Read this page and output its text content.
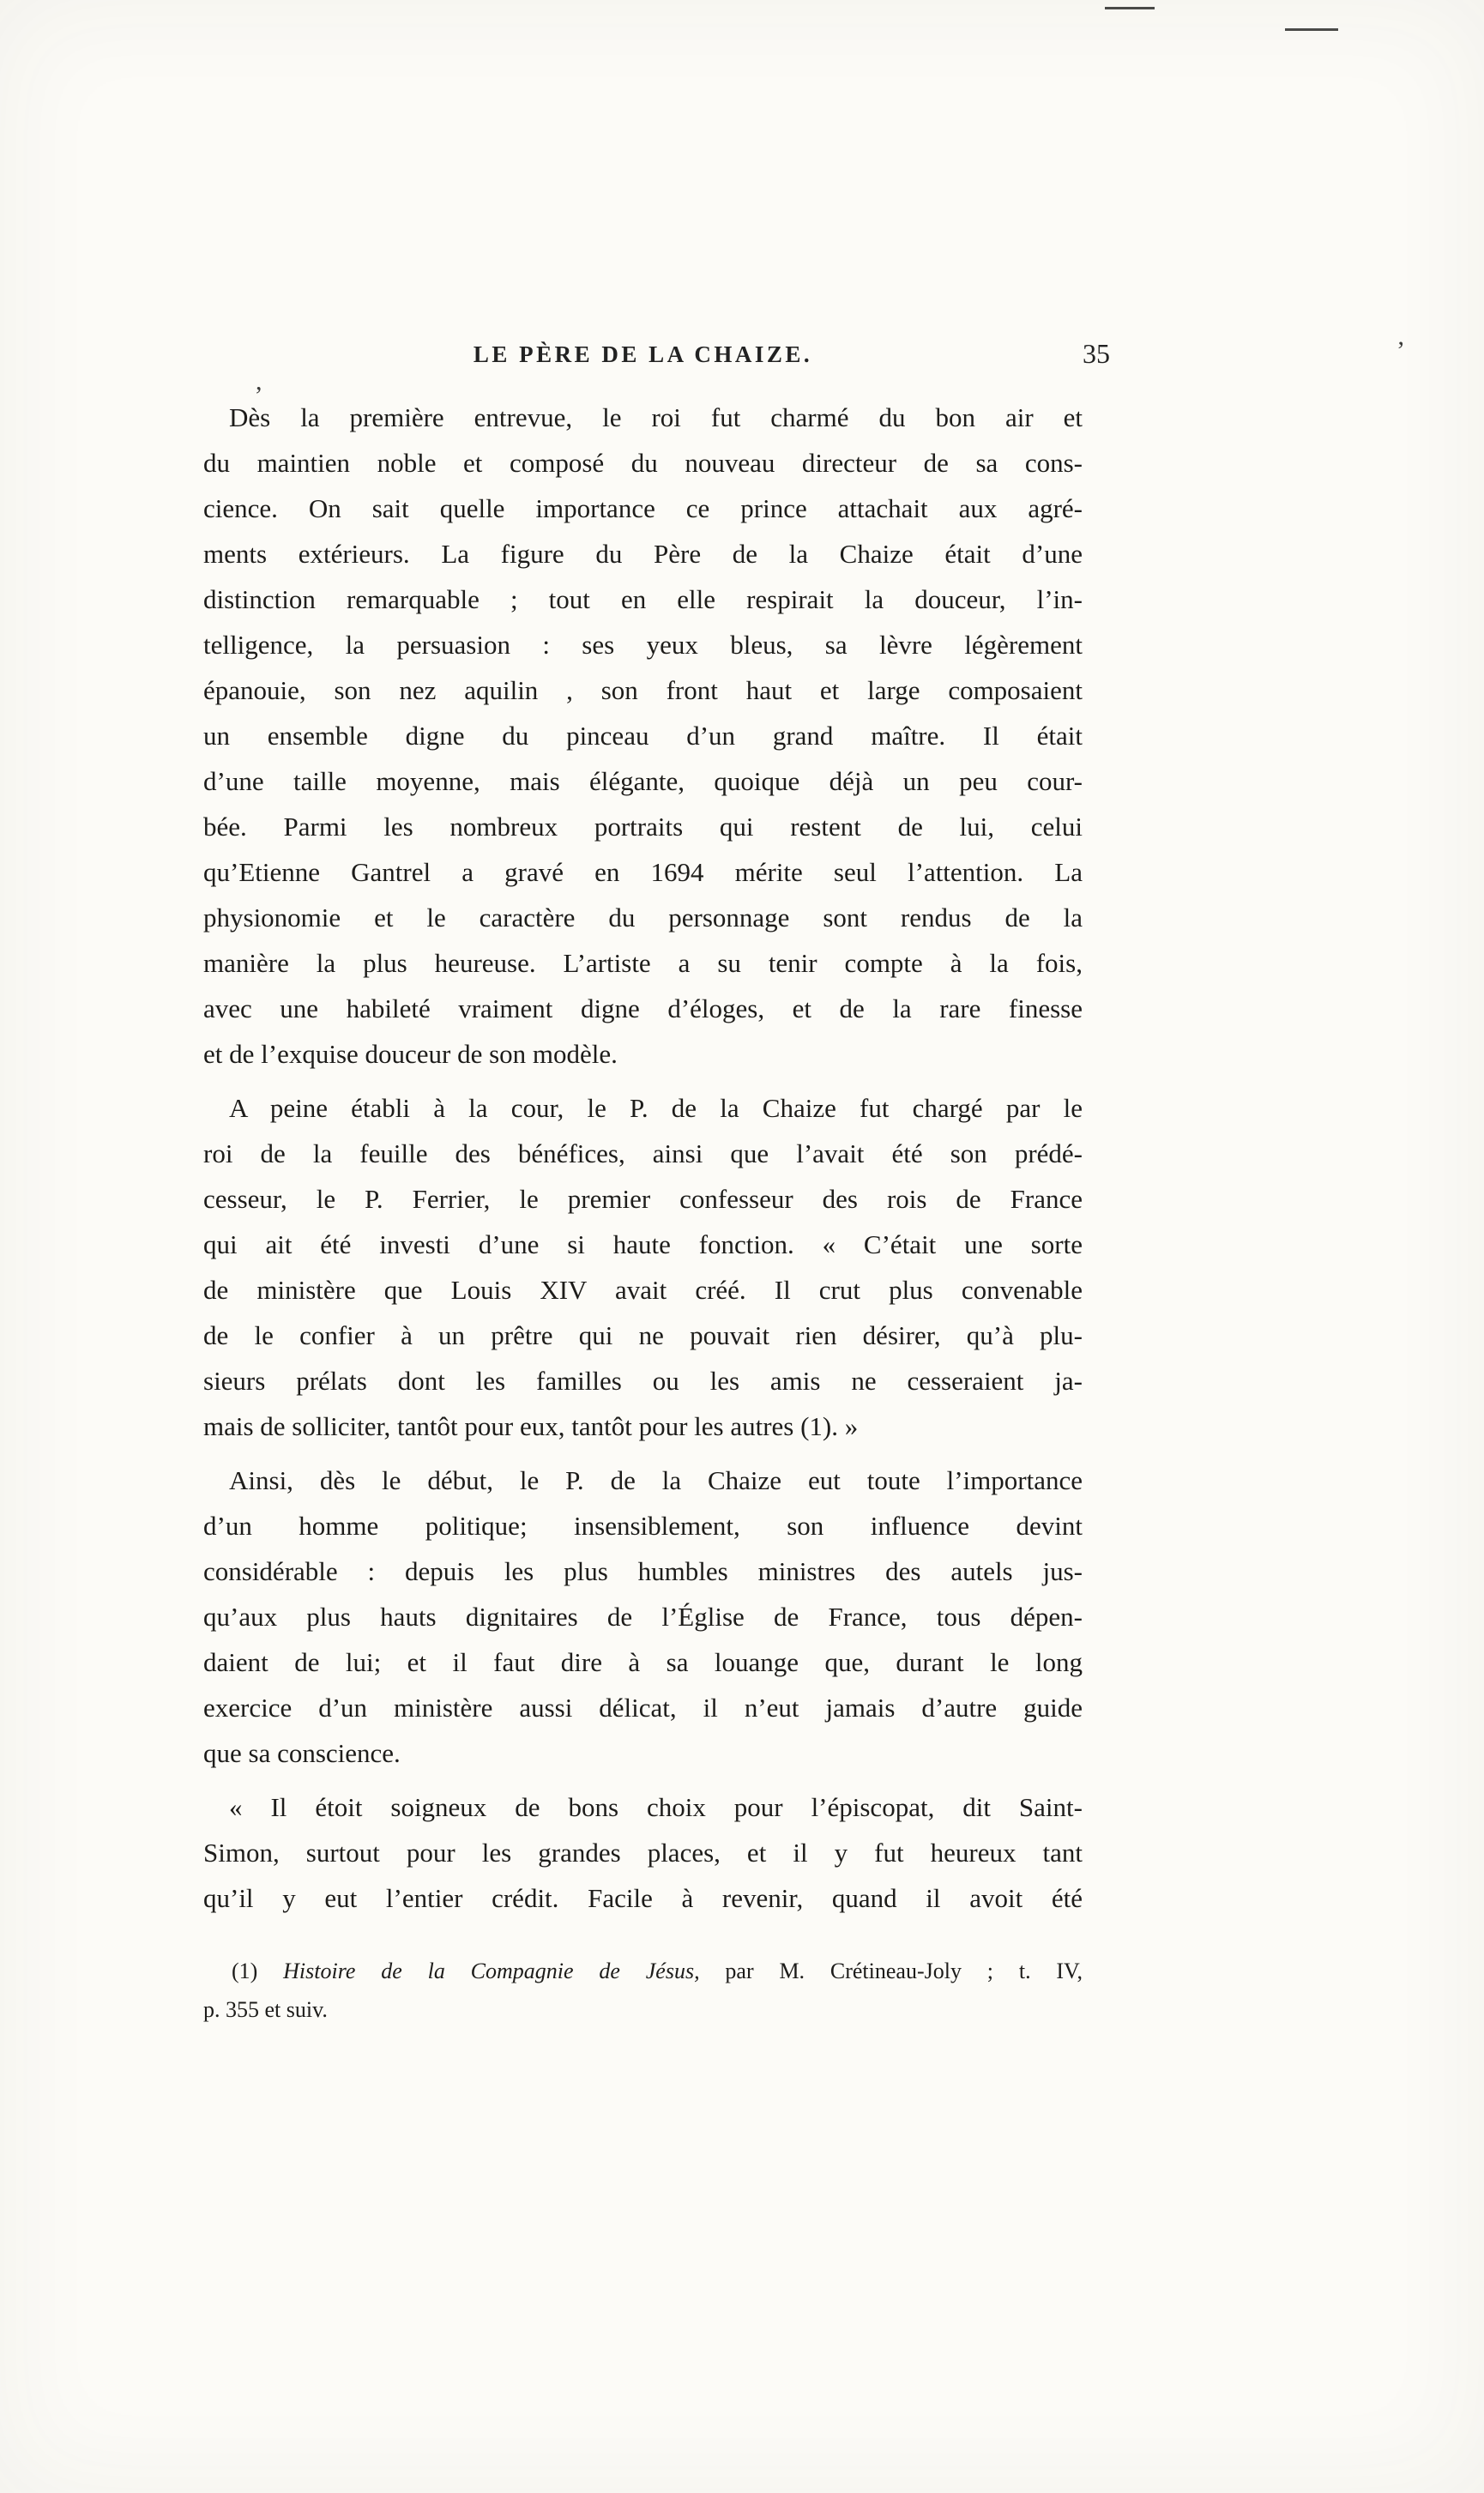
’
,
LE PÈRE DE LA CHAIZE.	35
Dès la première entrevue, le roi fut charmé du bon air et
du maintien noble et composé du nouveau directeur de sa cons-
cience. On sait quelle importance ce prince attachait aux agré-
ments extérieurs. La figure du Père de la Chaize était d’une
distinction remarquable ; tout en elle respirait la douceur, l’in-
telligence, la persuasion : ses yeux bleus, sa lèvre légèrement
épanouie, son nez aquilin , son front haut et large composaient
un ensemble digne du pinceau d’un grand maître. Il était
d’une taille moyenne, mais élégante, quoique déjà un peu cour-
bée. Parmi les nombreux portraits qui restent de lui, celui
qu’Etienne Gantrel a gravé en 1694 mérite seul l’attention. La
physionomie et le caractère du personnage sont rendus de la
manière la plus heureuse. L’artiste a su tenir compte à la fois,
avec une habileté vraiment digne d’éloges, et de la rare finesse
et de l’exquise douceur de son modèle.
A peine établi à la cour, le P. de la Chaize fut chargé par le
roi de la feuille des bénéfices, ainsi que l’avait été son prédé-
cesseur, le P. Ferrier, le premier confesseur des rois de France
qui ait été investi d’une si haute fonction. « C’était une sorte
de ministère que Louis XIV avait créé. Il crut plus convenable
de le confier à un prêtre qui ne pouvait rien désirer, qu’à plu-
sieurs prélats dont les familles ou les amis ne cesseraient ja-
mais de solliciter, tantôt pour eux, tantôt pour les autres (1). »
Ainsi, dès le début, le P. de la Chaize eut toute l’importance
d’un homme politique; insensiblement, son influence devint
considérable : depuis les plus humbles ministres des autels jus-
qu’aux plus hauts dignitaires de l’Église de France, tous dépen-
daient de lui; et il faut dire à sa louange que, durant le long
exercice d’un ministère aussi délicat, il n’eut jamais d’autre guide
que sa conscience.
« Il étoit soigneux de bons choix pour l’épiscopat, dit Saint-
Simon, surtout pour les grandes places, et il y fut heureux tant
qu’il y eut l’entier crédit. Facile à revenir, quand il avoit été
(1) Histoire de la Compagnie de Jésus, par M. Crétineau-Joly ; t. IV,
p. 355 et suiv.
